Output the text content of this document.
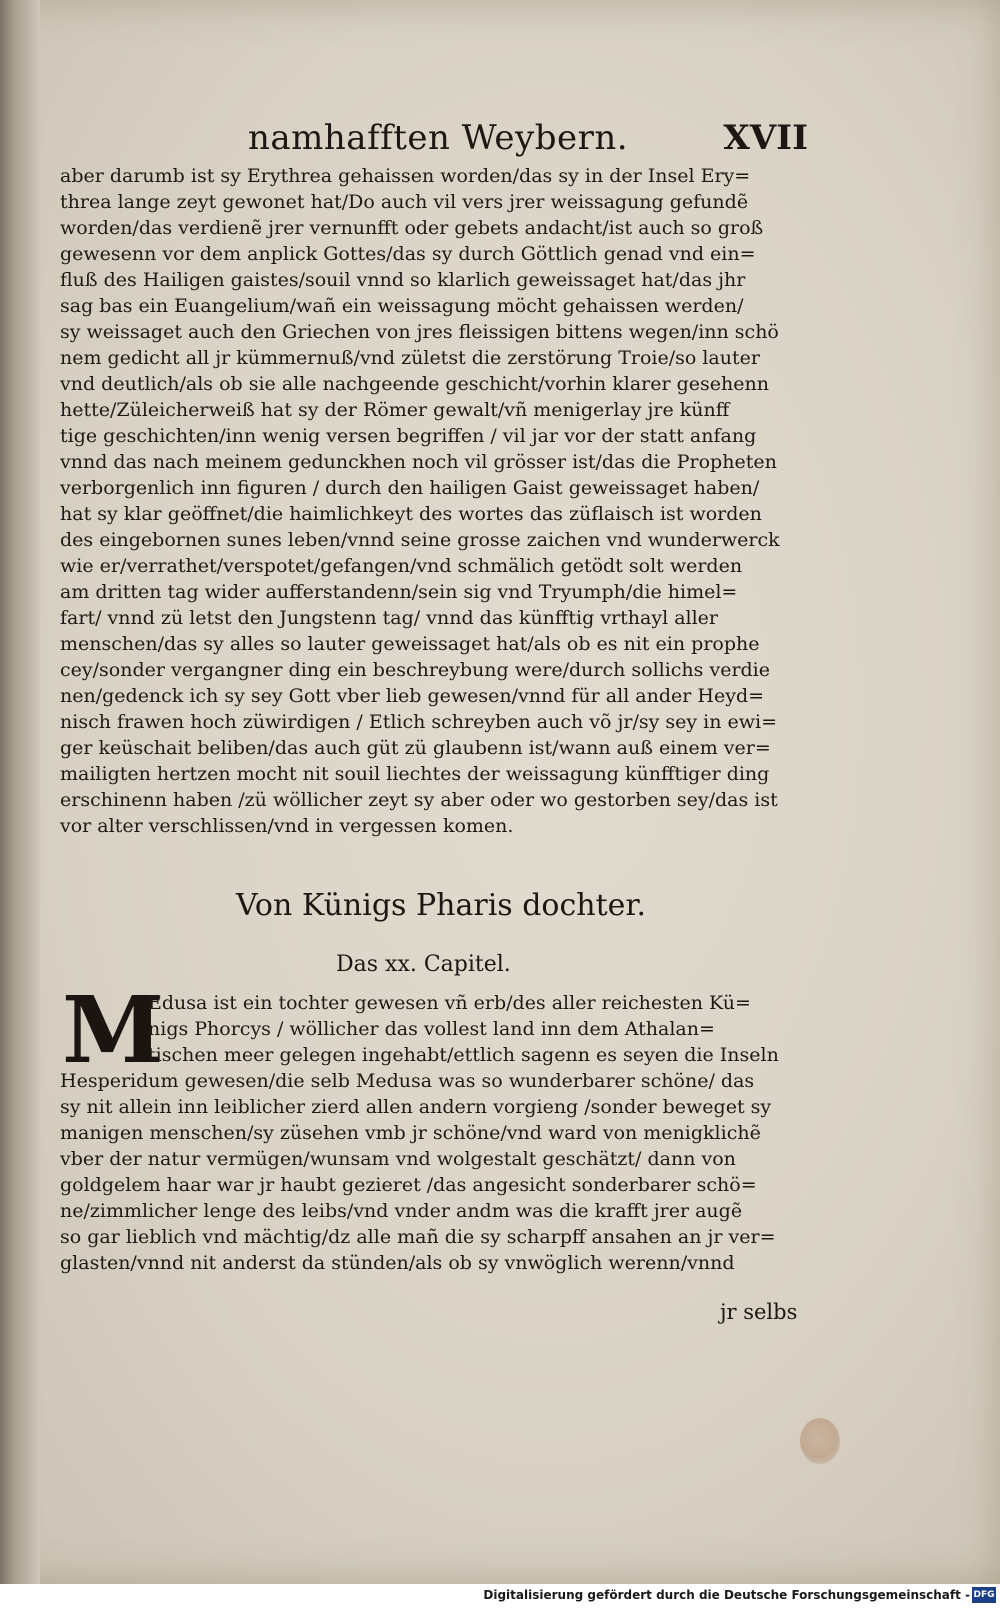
namhafften Weybern.	XVII
aber darumb ist sy Erythrea gehaissen worden/das sy in der Insel Ery=
threa lange zeyt gewonet hat/Do auch vil vers jrer weissagung gefundẽ
worden/das verdienẽ jrer vernunfft oder gebets andacht/ist auch so groß
gewesenn vor dem anplick Gottes/das sy durch Göttlich genad vnd ein=
fluß des Hailigen gaistes/souil vnnd so klarlich geweissaget hat/das jhr
sag bas ein Euangelium/wañ ein weissagung möcht gehaissen werden/
sy weissaget auch den Griechen von jres fleissigen bittens wegen/inn schö
nem gedicht all jr kümmernuß/vnd zületst die zerstörung Troie/so lauter
vnd deutlich/als ob sie alle nachgeende geschicht/vorhin klarer gesehenn
hette/Züleicherweiß hat sy der Römer gewalt/vñ menigerlay jre künff
tige geschichten/inn wenig versen begriffen / vil jar vor der statt anfang
vnnd das nach meinem gedunckhen noch vil grösser ist/das die Propheten
verborgenlich inn figuren / durch den hailigen Gaist geweissaget haben/
hat sy klar geöffnet/die haimlichkeyt des wortes das züflaisch ist worden
des eingebornen sunes leben/vnnd seine grosse zaichen vnd wunderwerck
wie er/verrathet/verspotet/gefangen/vnd schmälich getödt solt werden
am dritten tag wider aufferstandenn/sein sig vnd Tryumph/die himel=
fart/ vnnd zü letst den Jungstenn tag/ vnnd das künfftig vrthayl aller
menschen/das sy alles so lauter geweissaget hat/als ob es nit ein prophe
cey/sonder vergangner ding ein beschreybung were/durch sollichs verdie
nen/gedenck ich sy sey Gott vber lieb gewesen/vnnd für all ander Heyd=
nisch frawen hoch züwirdigen / Etlich schreyben auch võ jr/sy sey in ewi=
ger keüschait beliben/das auch güt zü glaubenn ist/wann auß einem ver=
mailigten hertzen mocht nit souil liechtes der weissagung künfftiger ding
erschinenn haben /zü wöllicher zeyt sy aber oder wo gestorben sey/das ist
vor alter verschlissen/vnd in vergessen komen.
Von Künigs Pharis dochter.
Das xx. Capitel.
M
Edusa ist ein tochter gewesen vñ erb/des aller reichesten Kü=
nigs Phorcys / wöllicher das vollest land inn dem Athalan=
tischen meer gelegen ingehabt/ettlich sagenn es seyen die Inseln
Hesperidum gewesen/die selb Medusa was so wunderbarer schöne/ das
sy nit allein inn leiblicher zierd allen andern vorgieng /sonder beweget sy
manigen menschen/sy züsehen vmb jr schöne/vnd ward von menigklichẽ
vber der natur vermügen/wunsam vnd wolgestalt geschätzt/ dann von
goldgelem haar war jr haubt gezieret /das angesicht sonderbarer schö=
ne/zimmlicher lenge des leibs/vnd vnder andm was die krafft jrer augẽ
so gar lieblich vnd mächtig/dz alle mañ die sy scharpff ansahen an jr ver=
glasten/vnnd nit anderst da stünden/als ob sy vnwöglich werenn/vnnd
jr selbs
Digitalisierung gefördert durch die Deutsche Forschungsgemeinschaft - DFG
